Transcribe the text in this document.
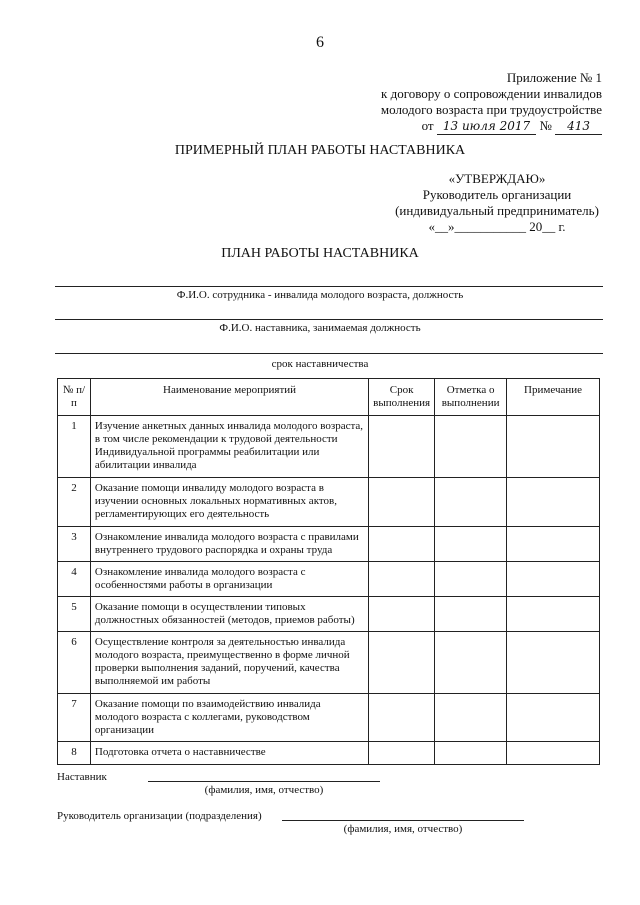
6
Приложение № 1
к договору о сопровождении инвалидов
молодого возраста при трудоустройстве
от 13 июля 2017 № 413
ПРИМЕРНЫЙ ПЛАН РАБОТЫ НАСТАВНИКА
«УТВЕРЖДАЮ»
Руководитель организации
(индивидуальный предприниматель)
«__»___________ 20__ г.
ПЛАН РАБОТЫ НАСТАВНИКА
Ф.И.О. сотрудника - инвалида молодого возраста, должность
Ф.И.О. наставника, занимаемая должность
срок наставничества
№ п/п	Наименование мероприятий	Срок выполнения	Отметка о выполнении	Примечание
1	Изучение анкетных данных инвалида молодого возраста, в том числе рекомендации к трудовой деятельности Индивидуальной программы реабилитации или абилитации инвалида			
2	Оказание помощи инвалиду молодого возраста в изучении основных локальных нормативных актов, регламентирующих его деятельность			
3	Ознакомление инвалида молодого возраста с правилами внутреннего трудового распорядка и охраны труда			
4	Ознакомление инвалида молодого возраста с особенностями работы в организации			
5	Оказание помощи в осуществлении типовых должностных обязанностей (методов, приемов работы)			
6	Осуществление контроля за деятельностью инвалида молодого возраста, преимущественно в форме личной проверки выполнения заданий, поручений, качества выполняемой им работы			
7	Оказание помощи по взаимодействию инвалида молодого возраста с коллегами, руководством организации			
8	Подготовка отчета о наставничестве			
Наставник
(фамилия, имя, отчество)
Руководитель организации (подразделения)
(фамилия, имя, отчество)
